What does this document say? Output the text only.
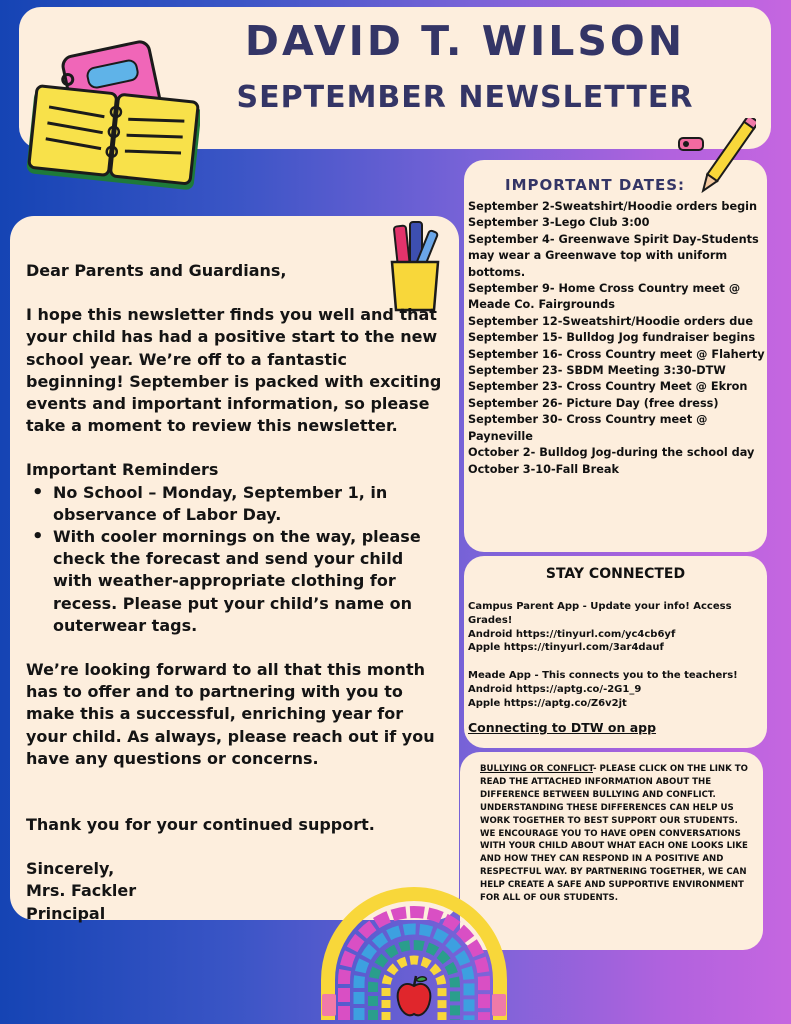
DAVID T. WILSON
SEPTEMBER NEWSLETTER

Dear Parents and Guardians,

I hope this newsletter finds you well and that your child has had a positive start to the new school year. We’re off to a fantastic beginning! September is packed with exciting events and important information, so please take a moment to review this newsletter.

Important Reminders

• No School – Monday, September 1, in observance of Labor Day.
• With cooler mornings on the way, please check the forecast and send your child with weather-appropriate clothing for recess. Please put your child’s name on outerwear tags.

We’re looking forward to all that this month has to offer and to partnering with you to make this a successful, enriching year for your child. As always, please reach out if you have any questions or concerns.

Thank you for your continued support.

Sincerely,

Mrs. Fackler

Principal

IMPORTANT DATES:
September 2-Sweatshirt/Hoodie orders begin
September 3-Lego Club 3:00
September 4- Greenwave Spirit Day-Students may wear a Greenwave top with uniform bottoms.
September 9- Home Cross Country meet @ Meade Co. Fairgrounds
September 12-Sweatshirt/Hoodie orders due
September 15- Bulldog Jog fundraiser begins
September 16- Cross Country meet @ Flaherty
September 23- SBDM Meeting 3:30-DTW
September 23- Cross Country Meet @ Ekron
September 26- Picture Day (free dress)
September 30- Cross Country meet @ Payneville
October 2- Bulldog Jog-during the school day
October 3-10-Fall Break
STAY CONNECTED
Campus Parent App - Update your info! Access Grades!
Android https://tinyurl.com/yc4cb6yf
Apple https://tinyurl.com/3ar4dauf
Meade App - This connects you to the teachers!
Android https://aptg.co/-2G1_9
Apple https://aptg.co/Z6v2jt
Connecting to DTW on app
BULLYING OR CONFLICT- PLEASE CLICK ON THE LINK TO READ THE ATTACHED INFORMATION ABOUT THE DIFFERENCE BETWEEN BULLYING AND CONFLICT. UNDERSTANDING THESE DIFFERENCES CAN HELP US WORK TOGETHER TO BEST SUPPORT OUR STUDENTS. WE ENCOURAGE YOU TO HAVE OPEN CONVERSATIONS WITH YOUR CHILD ABOUT WHAT EACH ONE LOOKS LIKE AND HOW THEY CAN RESPOND IN A POSITIVE AND RESPECTFUL WAY. BY PARTNERING TOGETHER, WE CAN HELP CREATE A SAFE AND SUPPORTIVE ENVIRONMENT FOR ALL OF OUR STUDENTS.
